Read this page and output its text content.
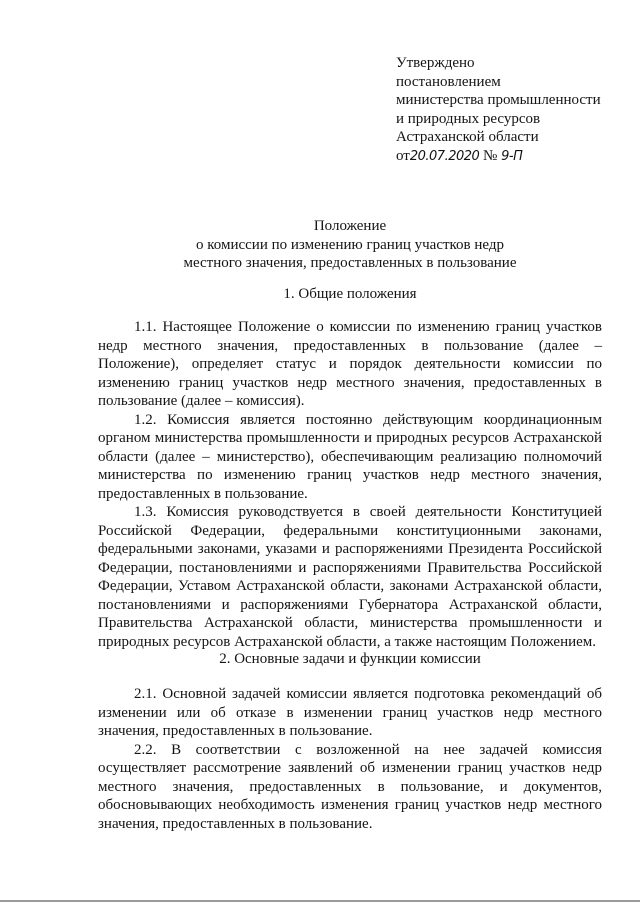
Утверждено
постановлением
министерства промышленности
и природных ресурсов
Астраханской области
от20.07.2020 № 9-П
Положение
о комиссии по изменению границ участков недр
местного значения, предоставленных в пользование
1. Общие положения

1.1. Настоящее Положение о комиссии по изменению границ участков недр местного значения, предоставленных в пользование (далее – Положение), определяет статус и порядок деятельности комиссии по изменению границ участков недр местного значения, предоставленных в пользование (далее – комиссия).

1.2. Комиссия является постоянно действующим координационным органом министерства промышленности и природных ресурсов Астраханской области (далее – министерство), обеспечивающим реализацию полномочий министерства по изменению границ участков недр местного значения, предоставленных в пользование.

1.3. Комиссия руководствуется в своей деятельности Конституцией Российской Федерации, федеральными конституционными законами, федеральными законами, указами и распоряжениями Президента Российской Федерации, постановлениями и распоряжениями Правительства Российской Федерации, Уставом Астраханской области, законами Астраханской области, постановлениями и распоряжениями Губернатора Астраханской области, Правительства Астраханской области, министерства промышленности и природных ресурсов Астраханской области, а также настоящим Положением.

2. Основные задачи и функции комиссии

2.1. Основной задачей комиссии является подготовка рекомендаций об изменении или об отказе в изменении границ участков недр местного значения, предоставленных в пользование.

2.2. В соответствии с возложенной на нее задачей комиссия осуществляет рассмотрение заявлений об изменении границ участков недр местного значения, предоставленных в пользование, и документов, обосновывающих необходимость изменения границ участков недр местного значения, предоставленных в пользование.
